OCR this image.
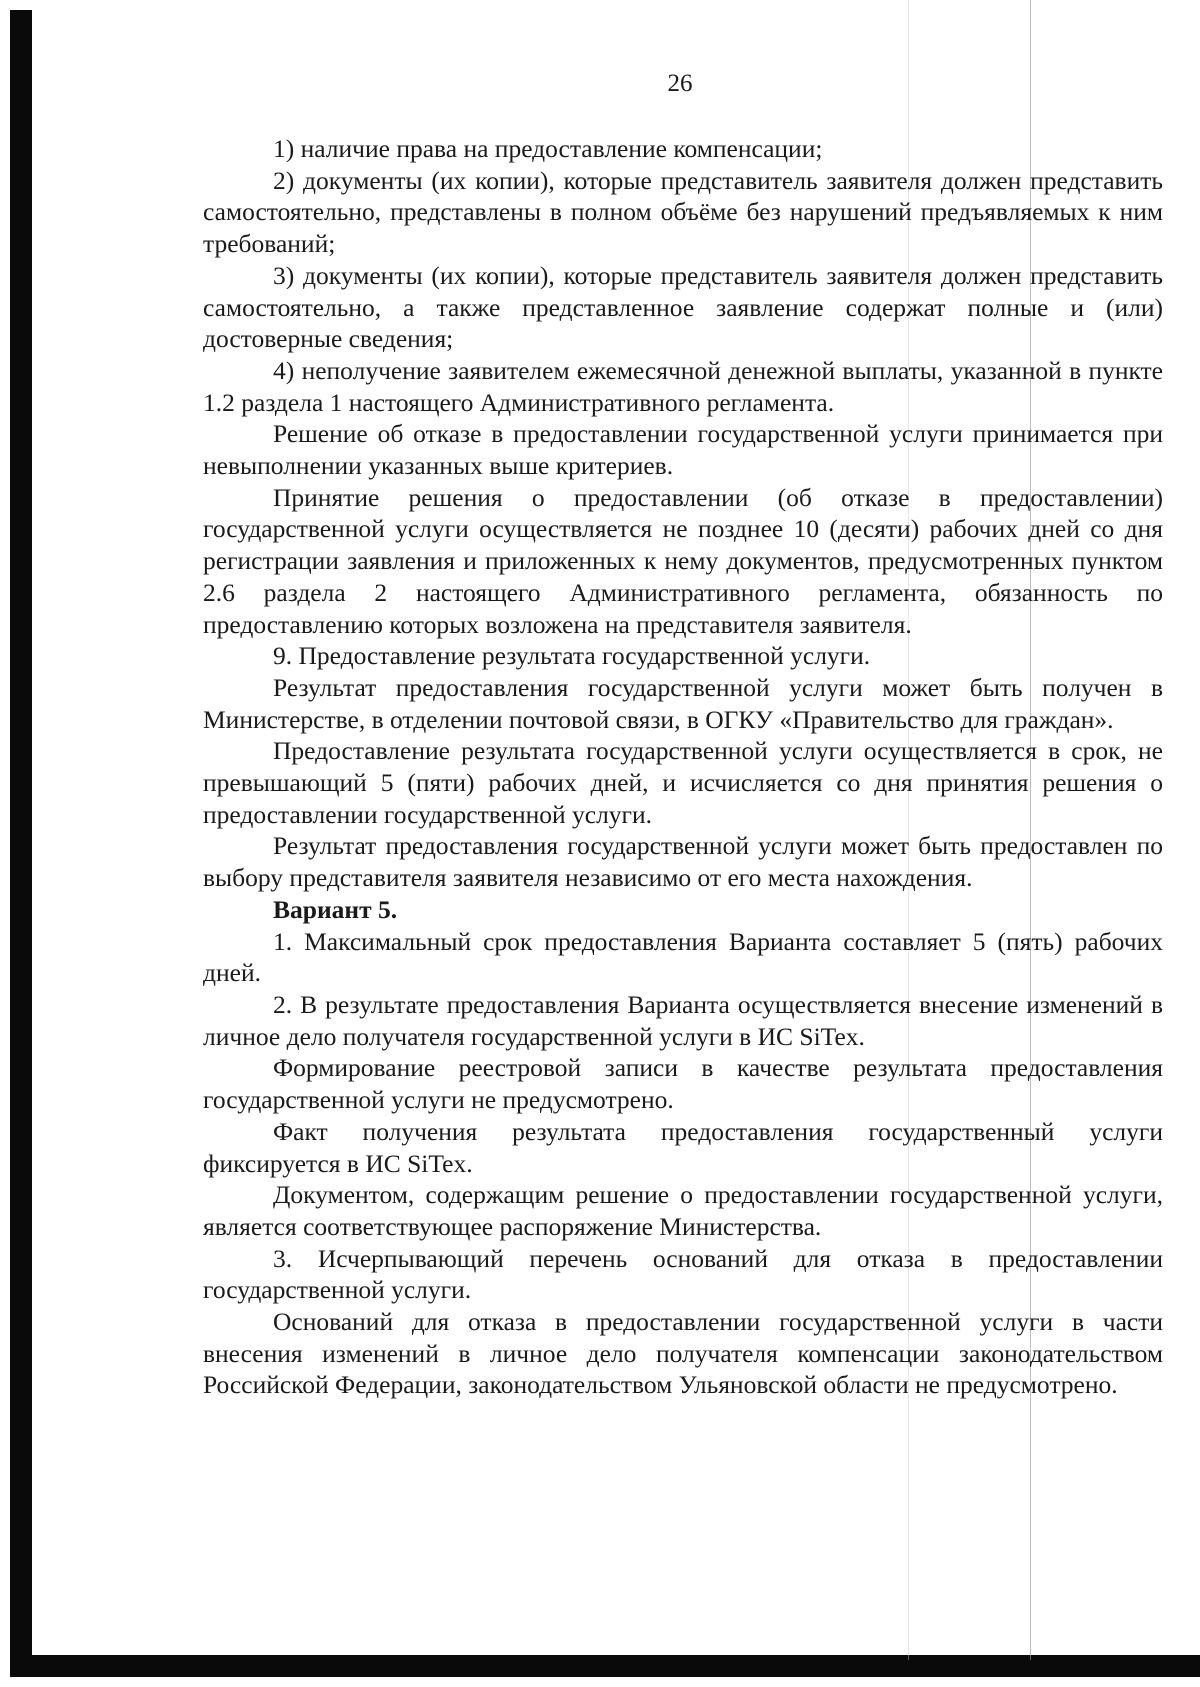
26

1) наличие права на предоставление компенсации;

2) документы (их копии), которые представитель заявителя должен представить самостоятельно, представлены в полном объёме без нарушений предъявляемых к ним требований;

3) документы (их копии), которые представитель заявителя должен представить самостоятельно, а также представленное заявление содержат полные и (или) достоверные сведения;

4) неполучение заявителем ежемесячной денежной выплаты, указанной в пункте 1.2 раздела 1 настоящего Административного регламента.

Решение об отказе в предоставлении государственной услуги принимается при невыполнении указанных выше критериев.

Принятие решения о предоставлении (об отказе в предоставлении) государственной услуги осуществляется не позднее 10 (десяти) рабочих дней со дня регистрации заявления и приложенных к нему документов, предусмотренных пунктом 2.6 раздела 2 настоящего Административного регламента, обязанность по предоставлению которых возложена на представителя заявителя.

9. Предоставление результата государственной услуги.

Результат предоставления государственной услуги может быть получен в Министерстве, в отделении почтовой связи, в ОГКУ «Правительство для граждан».

Предоставление результата государственной услуги осуществляется в срок, не превышающий 5 (пяти) рабочих дней, и исчисляется со дня принятия решения о предоставлении государственной услуги.

Результат предоставления государственной услуги может быть предоставлен по выбору представителя заявителя независимо от его места нахождения.

Вариант 5.

1. Максимальный срок предоставления Варианта составляет 5 (пять) рабочих дней.

2. В результате предоставления Варианта осуществляется внесение изменений в личное дело получателя государственной услуги в ИС SiTex.

Формирование реестровой записи в качестве результата предоставления государственной услуги не предусмотрено.

Факт получения результата предоставления государственный услуги фиксируется в ИС SiTex.

Документом, содержащим решение о предоставлении государственной услуги, является соответствующее распоряжение Министерства.

3. Исчерпывающий перечень оснований для отказа в предоставлении государственной услуги.

Оснований для отказа в предоставлении государственной услуги в части внесения изменений в личное дело получателя компенсации законодательством Российской Федерации, законодательством Ульяновской области не предусмотрено.
